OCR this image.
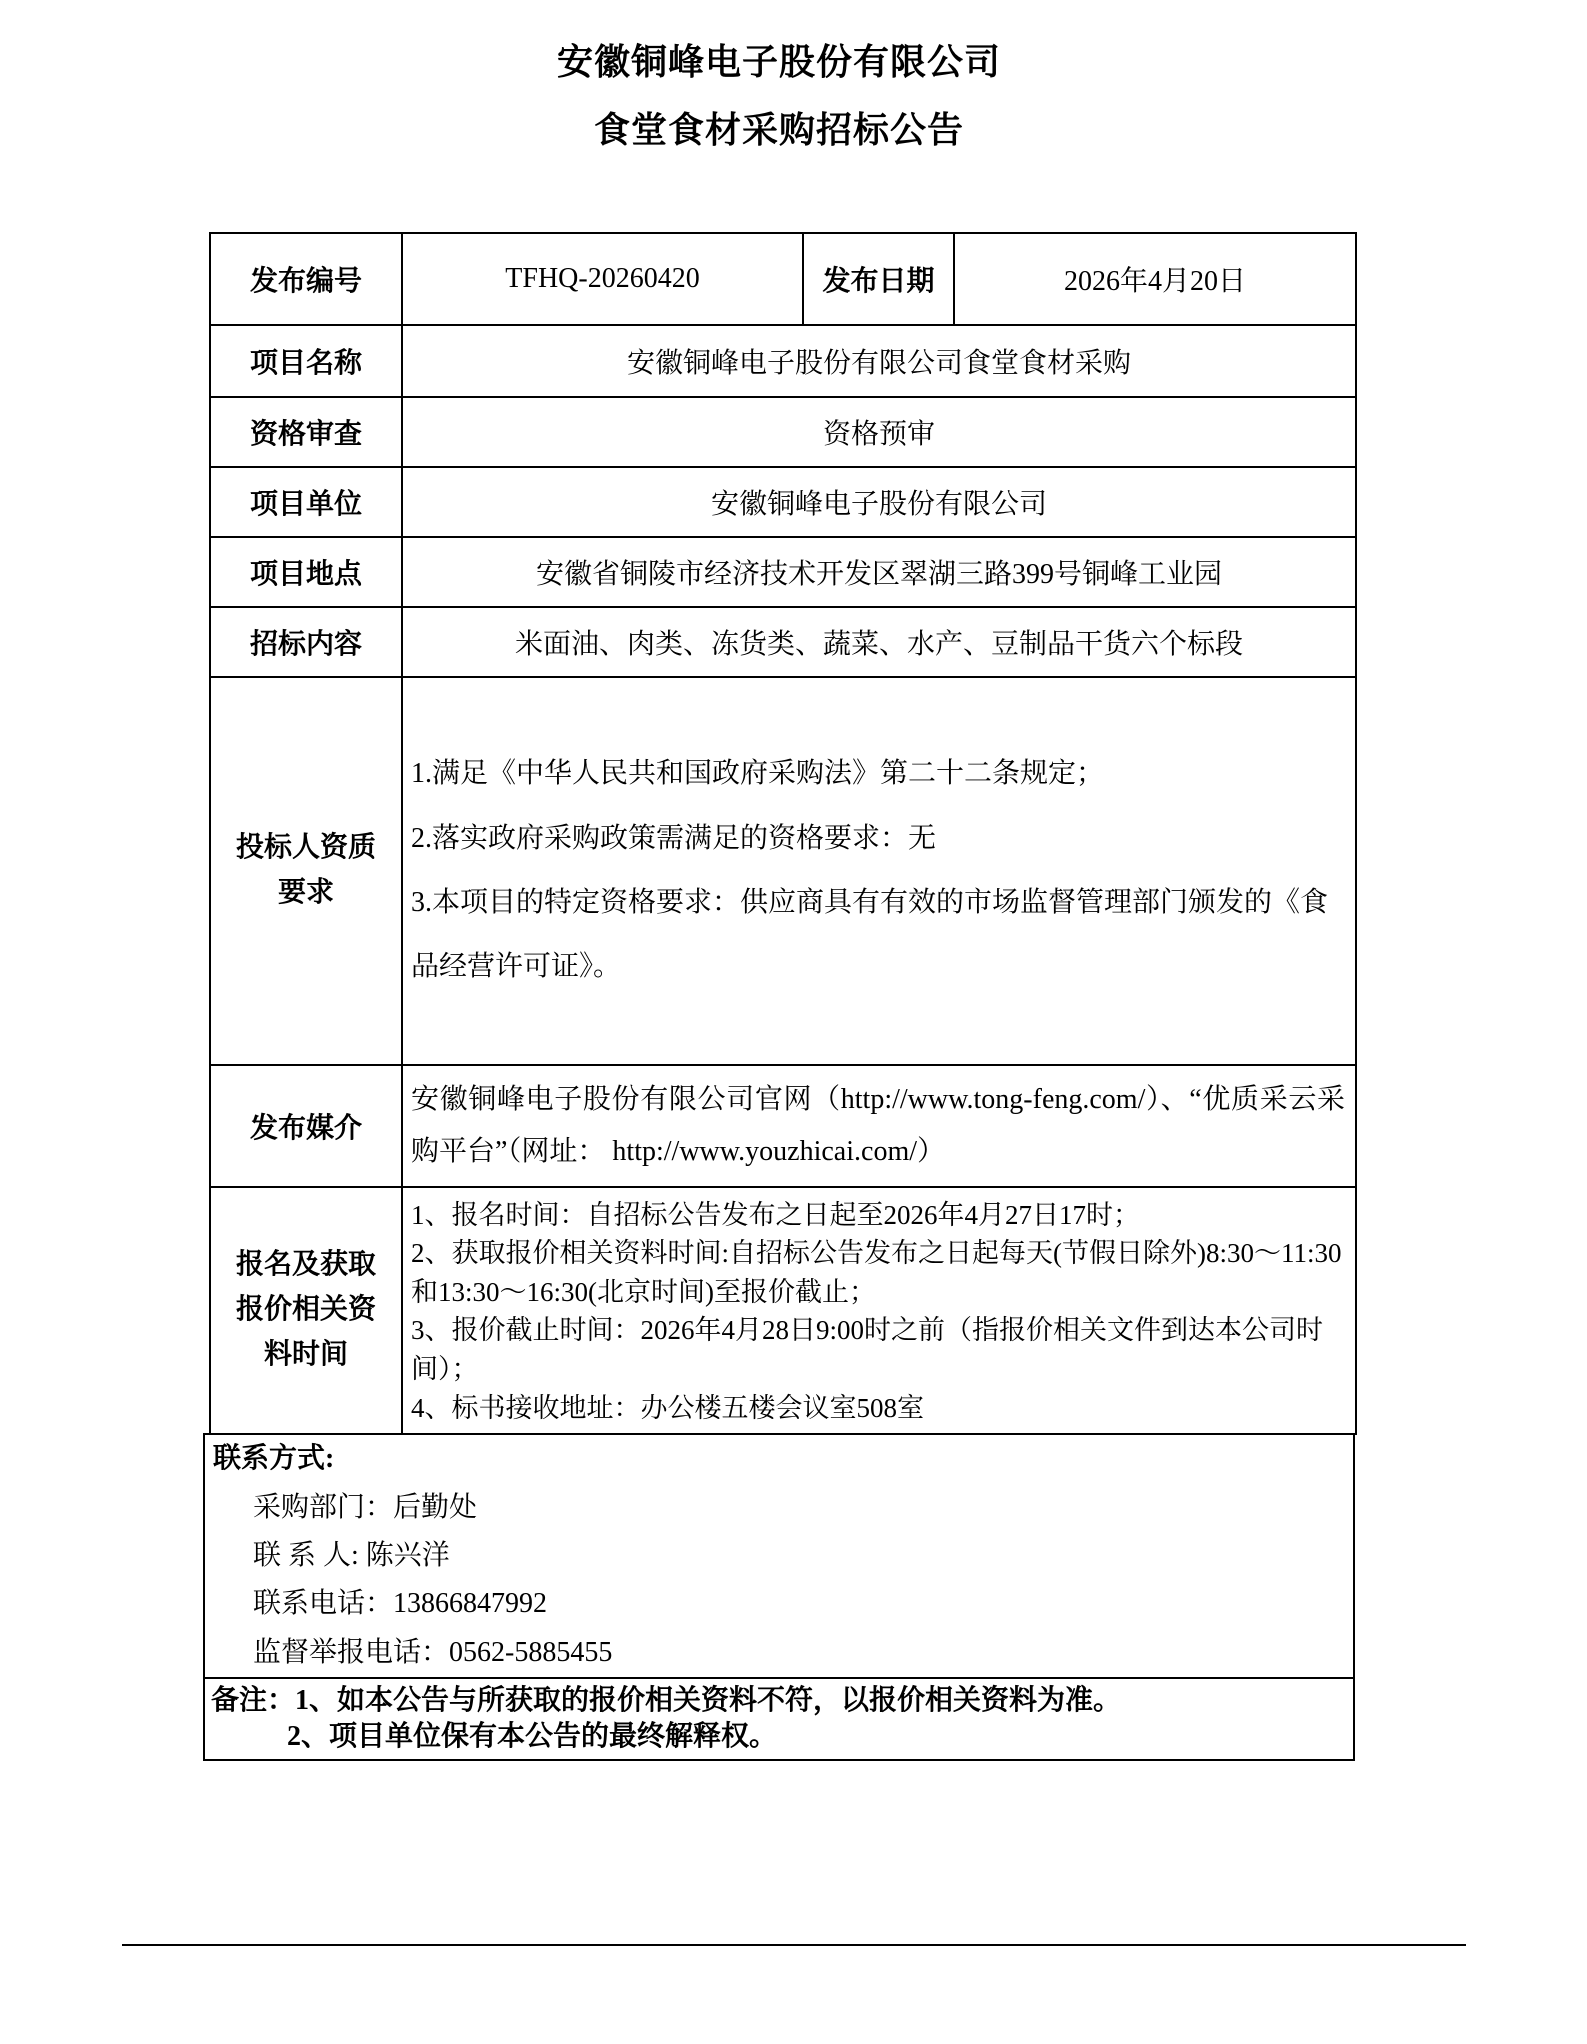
安徽铜峰电子股份有限公司
食堂食材采购招标公告
发布编号	TFHQ-20260420	发布日期	2026年4月20日
项目名称	安徽铜峰电子股份有限公司食堂食材采购		
资格审查	资格预审		
项目单位	安徽铜峰电子股份有限公司		
项目地点	安徽省铜陵市经济技术开发区翠湖三路399号铜峰工业园		
招标内容	米面油、肉类、冻货类、蔬菜、水产、豆制品干货六个标段		

投标人资质要求	1.满足《中华人民共和国政府采购法》第二十二条规定；
2.落实政府采购政策需满足的资格要求：无
3.本项目的特定资格要求：供应商具有有效的市场监督管理部门颁发的《食品经营许可证》。		

发布媒介	安徽铜峰电子股份有限公司官网（http://www.tong-feng.com/）、“优质采云采购平台”（网址： http://www.youzhicai.com/）		

报名及获取报价相关资料时间	1、报名时间：自招标公告发布之日起至2026年4月27日17时；
2、获取报价相关资料时间:自招标公告发布之日起每天(节假日除外)8:30～11:30和13:30～16:30(北京时间)至报价截止；
3、报价截止时间：2026年4月28日9:00时之前（指报价相关文件到达本公司时间）；
4、标书接收地址：办公楼五楼会议室508室		
联系方式:
采购部门：后勤处
联 系 人: 陈兴洋
联系电话：13866847992
监督举报电话：0562-5885455

备注：1、如本公告与所获取的报价相关资料不符，以报价相关资料为准。
2、项目单位保有本公告的最终解释权。
